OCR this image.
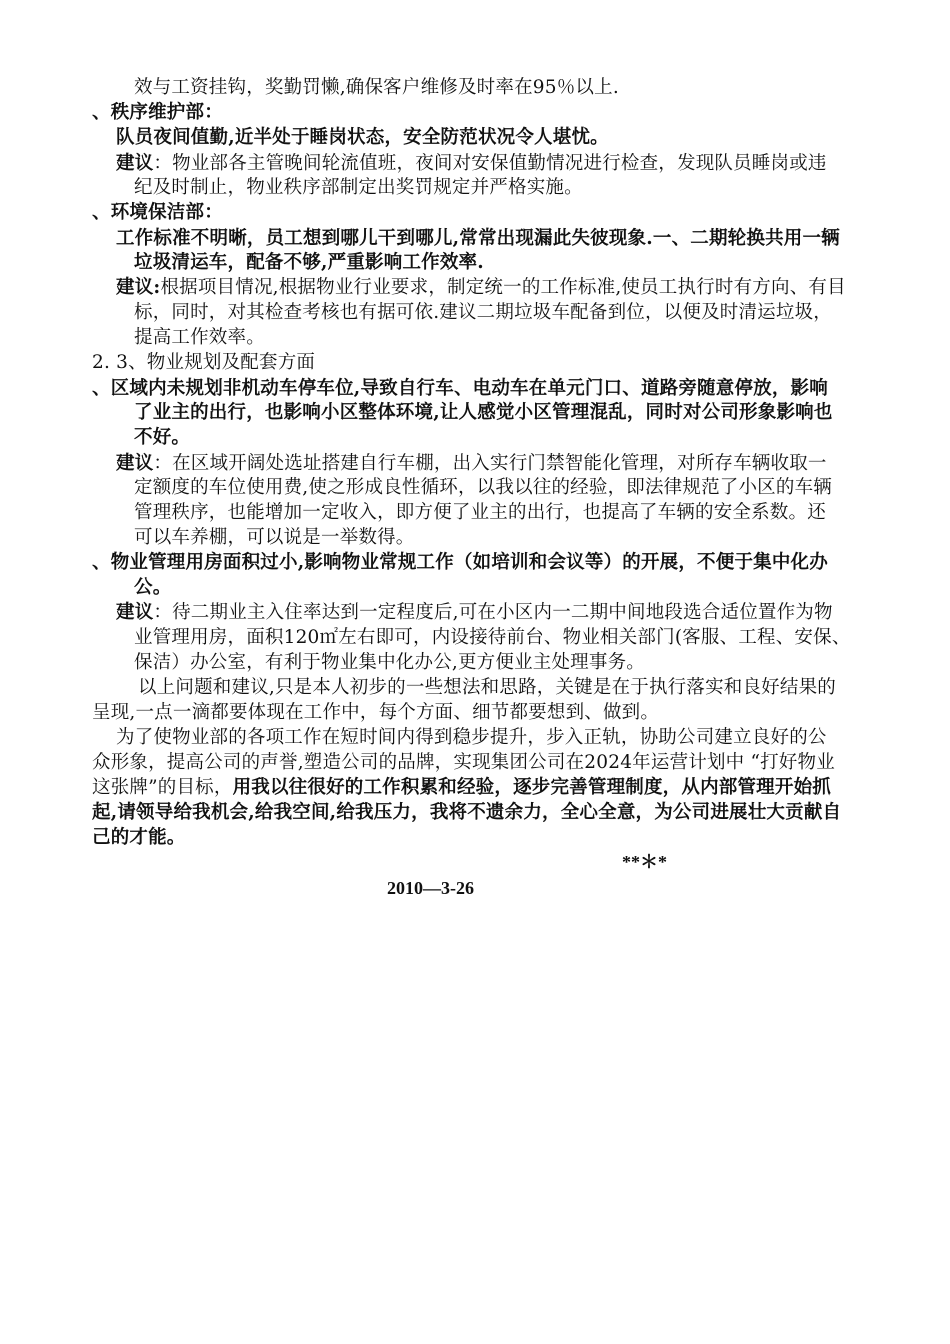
效与工资挂钩，奖勤罚懒,确保客户维修及时率在95％以上.
、秩序维护部：
队员夜间值勤,近半处于睡岗状态，安全防范状况令人堪忧。
建议：物业部各主管晚间轮流值班，夜间对安保值勤情况进行检查，发现队员睡岗或违
纪及时制止，物业秩序部制定出奖罚规定并严格实施。
、环境保洁部：
工作标准不明晰，员工想到哪儿干到哪儿,常常出现漏此失彼现象.一、二期轮换共用一辆
垃圾清运车，配备不够,严重影响工作效率.
建议:根据项目情况,根据物业行业要求，制定统一的工作标准,使员工执行时有方向、有目
标，同时，对其检查考核也有据可依.建议二期垃圾车配备到位，以便及时清运垃圾，
提高工作效率。
2. 3、物业规划及配套方面
、区域内未规划非机动车停车位,导致自行车、电动车在单元门口、道路旁随意停放，影响
了业主的出行，也影响小区整体环境,让人感觉小区管理混乱，同时对公司形象影响也
不好。
建议：在区域开阔处选址搭建自行车棚，出入实行门禁智能化管理，对所存车辆收取一
定额度的车位使用费,使之形成良性循环，以我以往的经验，即法律规范了小区的车辆
管理秩序，也能增加一定收入，即方便了业主的出行，也提高了车辆的安全系数。还
可以车养棚，可以说是一举数得。
、物业管理用房面积过小,影响物业常规工作（如培训和会议等）的开展，不便于集中化办
公。
建议：待二期业主入住率达到一定程度后,可在小区内一二期中间地段选合适位置作为物
业管理用房，面积120㎡左右即可，内设接待前台、物业相关部门(客服、工程、安保、
保洁）办公室，有利于物业集中化办公,更方便业主处理事务。
以上问题和建议,只是本人初步的一些想法和思路，关键是在于执行落实和良好结果的
呈现,一点一滴都要体现在工作中，每个方面、细节都要想到、做到。
为了使物业部的各项工作在短时间内得到稳步提升，步入正轨，协助公司建立良好的公
众形象，提高公司的声誉,塑造公司的品牌，实现集团公司在2024年运营计划中 “打好物业
这张牌”的目标，用我以往很好的工作积累和经验，逐步完善管理制度，从内部管理开始抓
起,请领导给我机会,给我空间,给我压力，我将不遗余力，全心全意，为公司进展壮大贡献自
己的才能。
**＊*
2010—3-26
